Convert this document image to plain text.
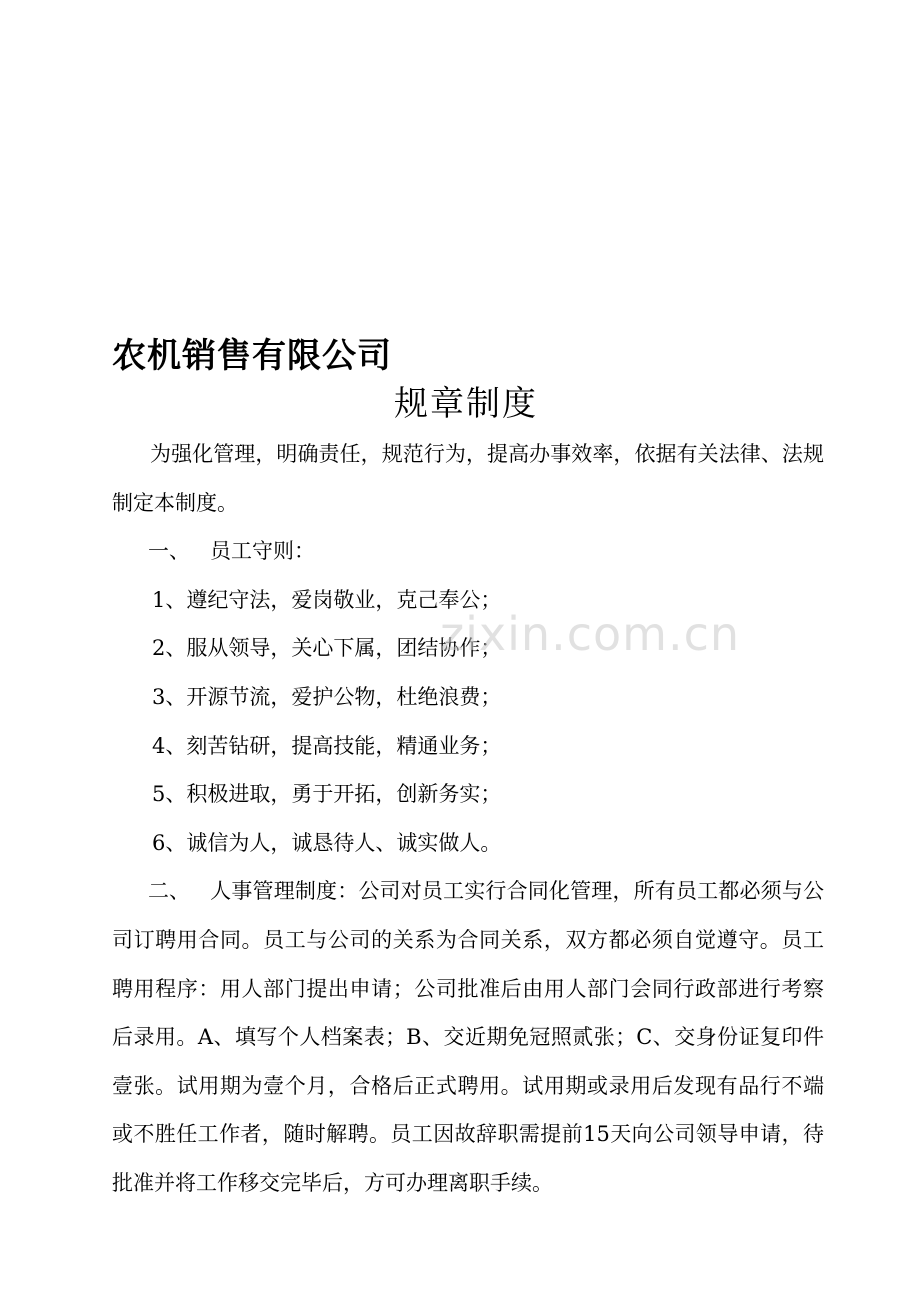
农机销售有限公司
规章制度

为强化管理，明确责任，规范行为，提高办事效率，依据有关法律、法规制定本制度。

一、 员工守则：

1、遵纪守法，爱岗敬业，克己奉公；

2、服从领导，关心下属，团结协作；

3、开源节流，爱护公物，杜绝浪费；

4、刻苦钻研，提高技能，精通业务；

5、积极进取，勇于开拓，创新务实；

6、诚信为人，诚恳待人、诚实做人。

二、 人事管理制度：公司对员工实行合同化管理，所有员工都必须与公司订聘用合同。员工与公司的关系为合同关系，双方都必须自觉遵守。员工聘用程序：用人部门提出申请；公司批准后由用人部门会同行政部进行考察后录用。A、填写个人档案表；B、交近期免冠照贰张；C、交身份证复印件壹张。试用期为壹个月，合格后正式聘用。试用期或录用后发现有品行不端或不胜任工作者，随时解聘。员工因故辞职需提前15天向公司领导申请，待批准并将工作移交完毕后，方可办理离职手续。

zixin.com.cn
